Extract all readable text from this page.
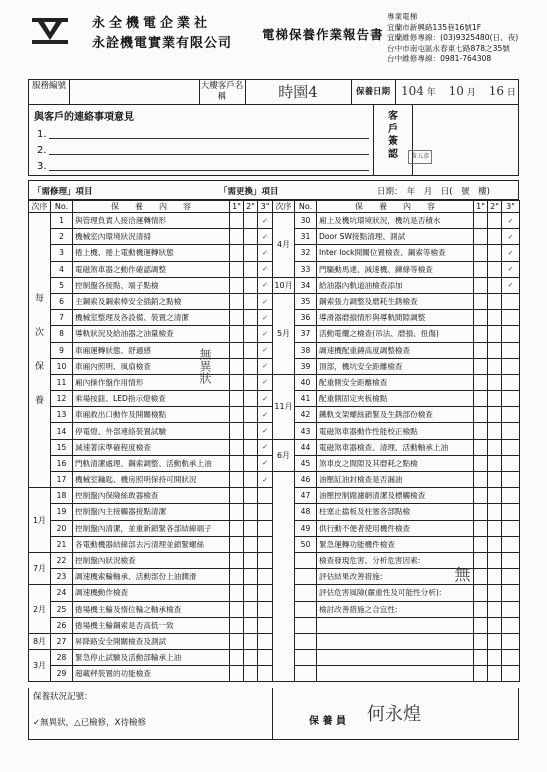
永全機電企業社
永詮機電實業有限公司
電梯保養作業報告書
專業電梯
宜蘭市新興路135巷16號1F
宜蘭維修專線：(03)9325480(日、夜)
台中市南屯區永春東七路878之35號
台中維修專線：0981-764308
服務編號	大樓客戶名稱	時園4	保養日期 104 年 10 月 16 日
與客戶的連絡事項意見
1.
2.
3.
客
戶
簽
認	黃五彥
「需修理」項目	「需更換」項目	日期：　年　月　日(　號　樓)
次序	No.	保　　養　　內　　容	1"	2"	3"	次序	No.	保　　養　　內　　容	1"	2"	3"
每
次
保
養	1	與管理負責人接洽運轉情形			✓	4月	30	廂上及機坑環境狀況，機坑是否積水			✓
	2	機械室內環境狀況清掃			✓		31	Door SW接點清理、測試			✓
	3	捲上機、捲上電動機運轉狀態			✓		32	Inter lock開關位置檢查、鋼索等檢查			✓
	4	電磁煞車器之動作確認調整			✓		33	門驅動馬達、減速機、鍊條等檢查			✓
	5	控制盤各接點、端子點檢			✓	10月	34	給油器內軌道油檢查添加			✓
	6	主鋼索及鋼索棒安全插銷之點檢			✓	5月	35	鋼索張力調整及磨耗生銹檢查			
	7	機械室整理及各設備、裝置之清潔			✓		36	導滑器磨損情形與導軌間隙調整			
	8	導軌狀況及給油器之油量檢查			✓		37	活動電纜之檢查(吊法、磨損、扭傷)			
	9	車廂運轉狀態、舒適感			✓		38	調速機配重錘高度調整檢查			
	10	車廂內照明、風扇檢查			✓		39	頂部，機坑安全距離檢查			
	11	廂內操作盤作用情形			✓	11月	40	配重側安全距離檢查			
	12	乘場按鈕、LED指示燈檢查			✓		41	配重側固定夾板檢點			
	13	車廂救出口動作及開關檢點			✓		42	鐵軌支架螺絲鎖緊及生銹部份檢查			
	14	停電燈、外部連絡裝置試驗			✓		43	電磁煞車器動作性能校正檢點			
	15	減速著床準確程度檢查			✓	6月	44	電磁煞車器檢查、清理、活動軸承上油			
	16	門軌清潔處理、鋼索調整、活動軌承上油			✓		45	煞車皮之間隙及其磨耗之點檢			
	17	機械室鑰匙、機房照明保持可開狀況			✓		46	油壓缸油封檢查是否漏油			
1月	18	控制盤內保險絲敢器檢查					47	油壓控制閥濾網清潔及標觸檢查			
	19	控制盤內主接觸器接點清潔					48	柱塞止擋板及柱塞各部點檢			
	20	控制盤內清潔，並重新鎖緊各部結線端子					49	供行動不便者使用機件檢查			
	21	各電動機器結線部去污清理並鎖緊螺絲					50	緊急運轉功能機件檢查			
7月	22	控制盤內狀況檢查						檢查發現危害、分析危害因素:			
	23	調速機索輪軸承、活動部份上油潤滑						評估結果改善措施:			
2月	24	調速機動作檢查						評估危害風險(嚴重性及可能性分析):			
	25	捲場機主輪及惰位輪之軸承檢查						檢討改善措施之合宜性:			
	26	捲場機主輪鋼索是否高低一致									
8月	27	昇降路安全開關檢查及測試									
3月	28	緊急停止試驗及活動部輪承上油									
	29	超載秤裝置的功能檢查									
無異狀
無
保養狀況記號：
✓無異狀，△已檢修，X待檢修	保 養 員 何永煌
